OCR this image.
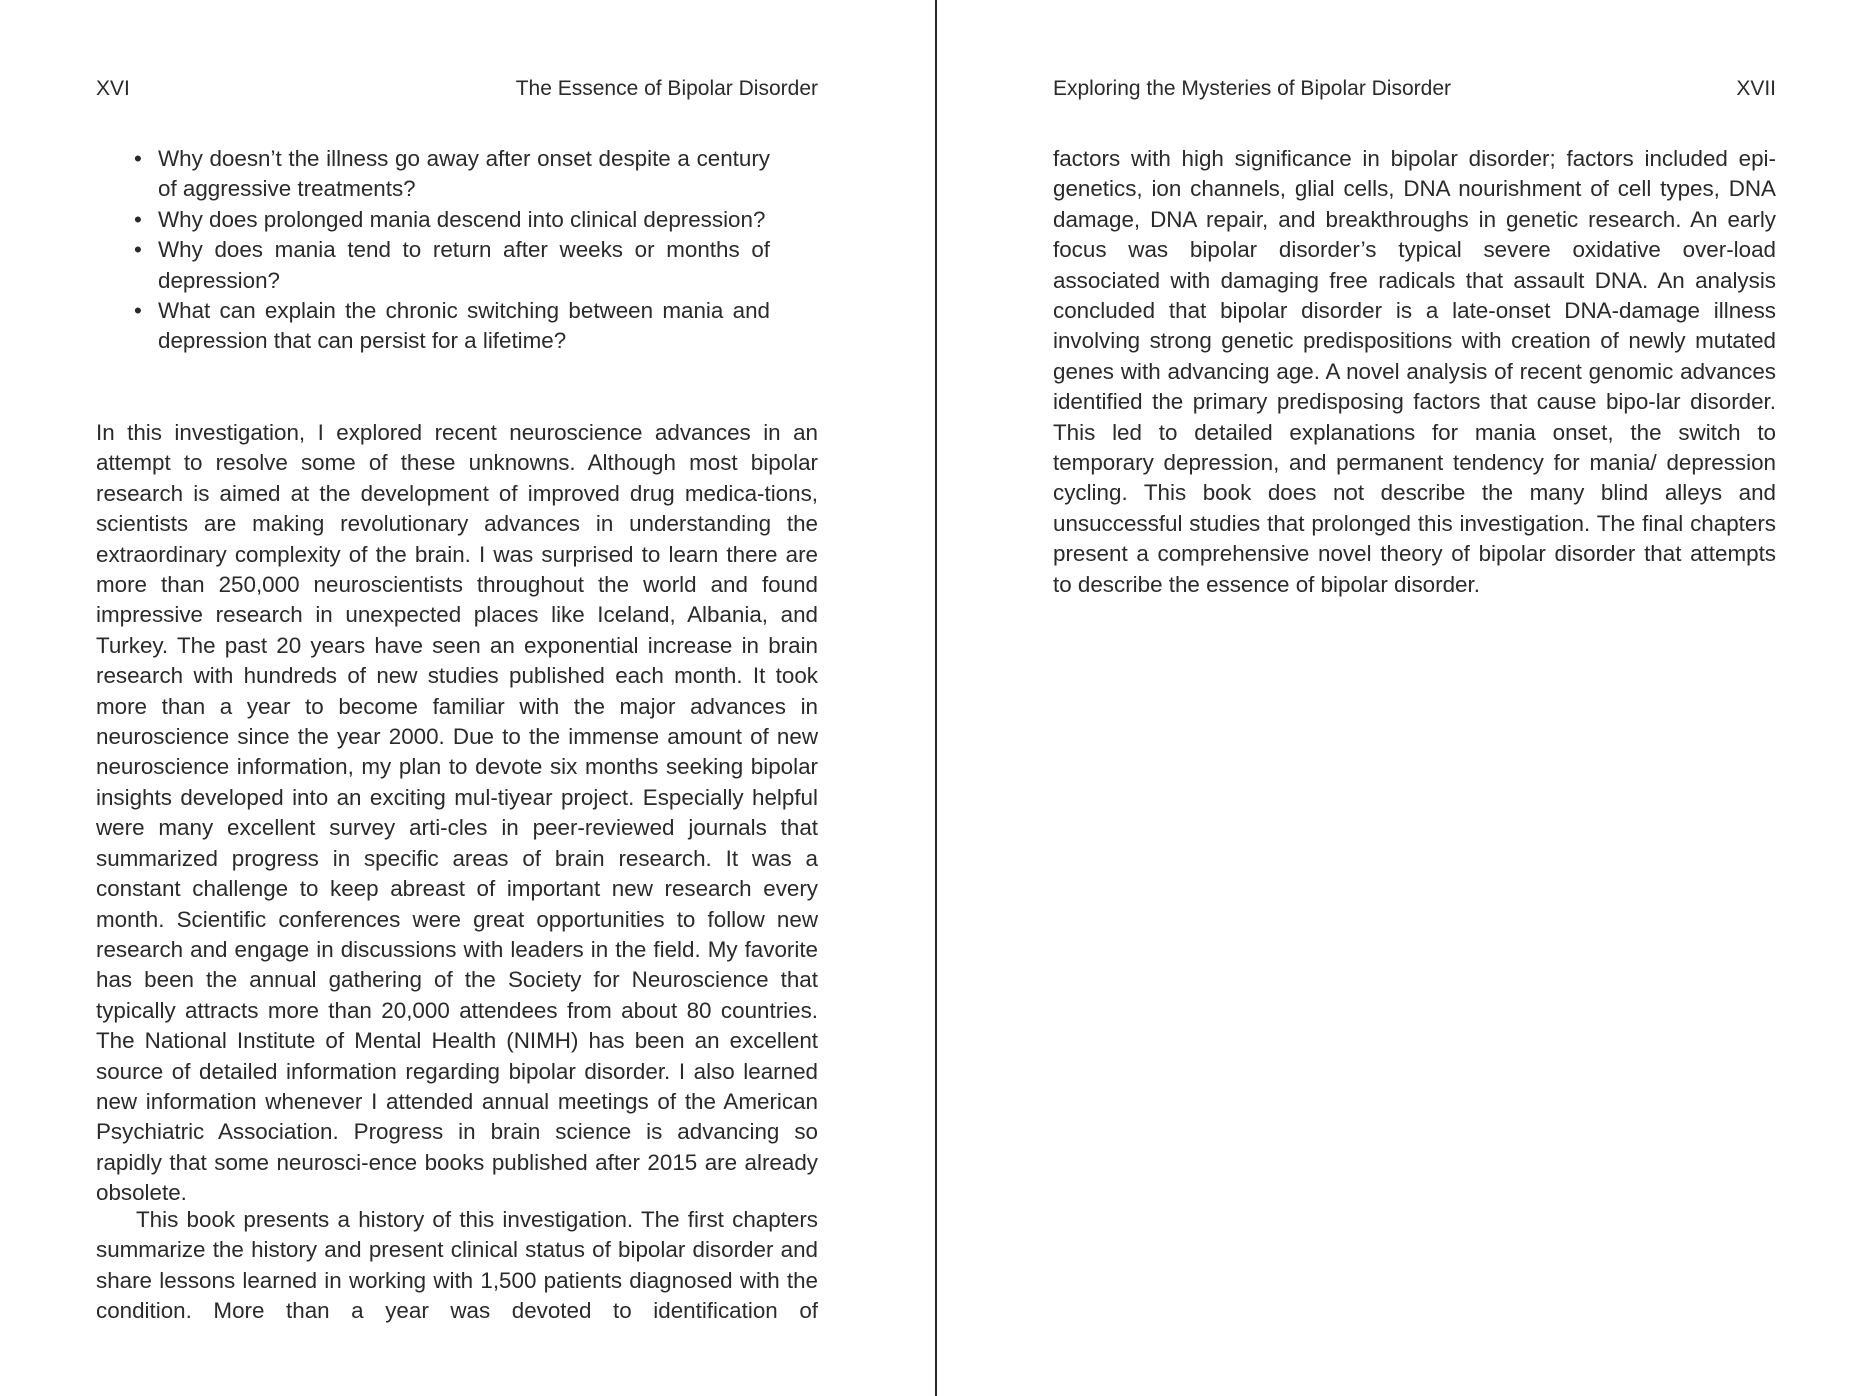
XVI	The Essence of Bipolar Disorder
• Why doesn’t the illness go away after onset despite a century of aggressive treatments?
• Why does prolonged mania descend into clinical depression?
• Why does mania tend to return after weeks or months of depression?
• What can explain the chronic switching between mania and depression that can persist for a lifetime?

In this investigation, I explored recent neuroscience advances in an attempt to resolve some of these unknowns. Although most bipolar research is aimed at the development of improved drug medica-tions, scientists are making revolutionary advances in understanding the extraordinary complexity of the brain. I was surprised to learn there are more than 250,000 neuroscientists throughout the world and found impressive research in unexpected places like Iceland, Albania, and Turkey. The past 20 years have seen an exponential increase in brain research with hundreds of new studies published each month. It took more than a year to become familiar with the major advances in neuroscience since the year 2000. Due to the immense amount of new neuroscience information, my plan to devote six months seeking bipolar insights developed into an exciting mul-tiyear project. Especially helpful were many excellent survey arti-cles in peer-reviewed journals that summarized progress in specific areas of brain research. It was a constant challenge to keep abreast of important new research every month. Scientific conferences were great opportunities to follow new research and engage in discussions with leaders in the field. My favorite has been the annual gathering of the Society for Neuroscience that typically attracts more than 20,000 attendees from about 80 countries. The National Institute of Mental Health (NIMH) has been an excellent source of detailed information regarding bipolar disorder. I also learned new information whenever I attended annual meetings of the American Psychiatric Association. Progress in brain science is advancing so rapidly that some neurosci-ence books published after 2015 are already obsolete.

This book presents a history of this investigation. The first chapters summarize the history and present clinical status of bipolar disorder and share lessons learned in working with 1,500 patients diagnosed with the condition. More than a year was devoted to identification of

Exploring the Mysteries of Bipolar Disorder	XVII

factors with high significance in bipolar disorder; factors included epi-genetics, ion channels, glial cells, DNA nourishment of cell types, DNA damage, DNA repair, and breakthroughs in genetic research. An early focus was bipolar disorder’s typical severe oxidative over-load associated with damaging free radicals that assault DNA. An analysis concluded that bipolar disorder is a late-onset DNA-damage illness involving strong genetic predispositions with creation of newly mutated genes with advancing age. A novel analysis of recent genomic advances identified the primary predisposing factors that cause bipo-lar disorder. This led to detailed explanations for mania onset, the switch to temporary depression, and permanent tendency for mania/ depression cycling. This book does not describe the many blind alleys and unsuccessful studies that prolonged this investigation. The final chapters present a comprehensive novel theory of bipolar disorder that attempts to describe the essence of bipolar disorder.
